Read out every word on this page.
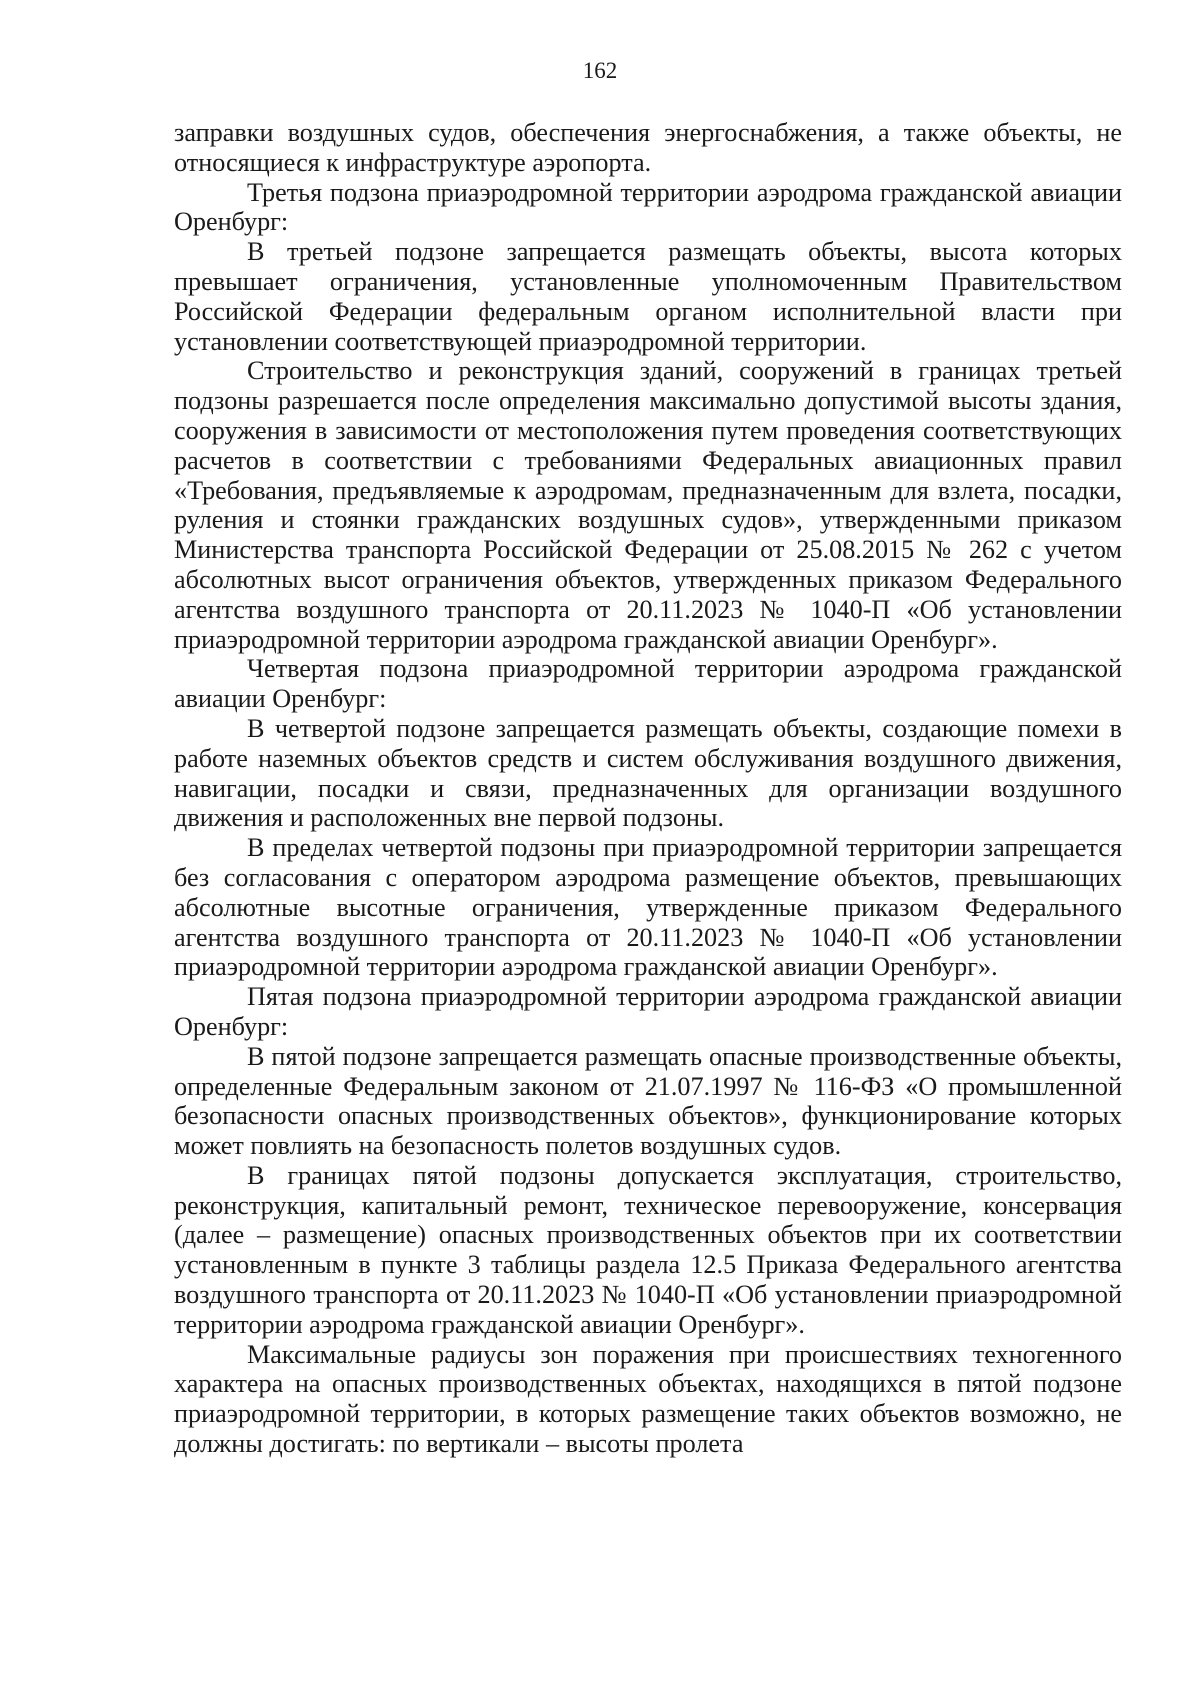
162

заправки воздушных судов, обеспечения энергоснабжения, а также объекты, не относящиеся к инфраструктуре аэропорта.

Третья подзона приаэродромной территории аэродрома гражданской авиации Оренбург:

В третьей подзоне запрещается размещать объекты, высота которых превышает ограничения, установленные уполномоченным Правительством Российской Федерации федеральным органом исполнительной власти при установлении соответствующей приаэродромной территории.

Строительство и реконструкция зданий, сооружений в границах третьей подзоны разрешается после определения максимально допустимой высоты здания, сооружения в зависимости от местоположения путем проведения соответствующих расчетов в соответствии с требованиями Федеральных авиационных правил «Требования, предъявляемые к аэродромам, предназначенным для взлета, посадки, руления и стоянки гражданских воздушных судов», утвержденными приказом Министерства транспорта Российской Федерации от 25.08.2015 № 262 с учетом абсолютных высот ограничения объектов, утвержденных приказом Федерального агентства воздушного транспорта от 20.11.2023 № 1040-П «Об установлении приаэродромной территории аэродрома гражданской авиации Оренбург».

Четвертая подзона приаэродромной территории аэродрома гражданской авиации Оренбург:

В четвертой подзоне запрещается размещать объекты, создающие помехи в работе наземных объектов средств и систем обслуживания воздушного движения, навигации, посадки и связи, предназначенных для организации воздушного движения и расположенных вне первой подзоны.

В пределах четвертой подзоны при приаэродромной территории запрещается без согласования с оператором аэродрома размещение объектов, превышающих абсолютные высотные ограничения, утвержденные приказом Федерального агентства воздушного транспорта от 20.11.2023 № 1040-П «Об установлении приаэродромной территории аэродрома гражданской авиации Оренбург».

Пятая подзона приаэродромной территории аэродрома гражданской авиации Оренбург:

В пятой подзоне запрещается размещать опасные производственные объекты, определенные Федеральным законом от 21.07.1997 № 116-ФЗ «О промышленной безопасности опасных производственных объектов», функционирование которых может повлиять на безопасность полетов воздушных судов.

В границах пятой подзоны допускается эксплуатация, строительство, реконструкция, капитальный ремонт, техническое перевооружение, консервация (далее – размещение) опасных производственных объектов при их соответствии установленным в пункте 3 таблицы раздела 12.5 Приказа Федерального агентства воздушного транспорта от 20.11.2023 № 1040-П «Об установлении приаэродромной территории аэродрома гражданской авиации Оренбург».

Максимальные радиусы зон поражения при происшествиях техногенного характера на опасных производственных объектах, находящихся в пятой подзоне приаэродромной территории, в которых размещение таких объектов возможно, не должны достигать: по вертикали – высоты пролета
